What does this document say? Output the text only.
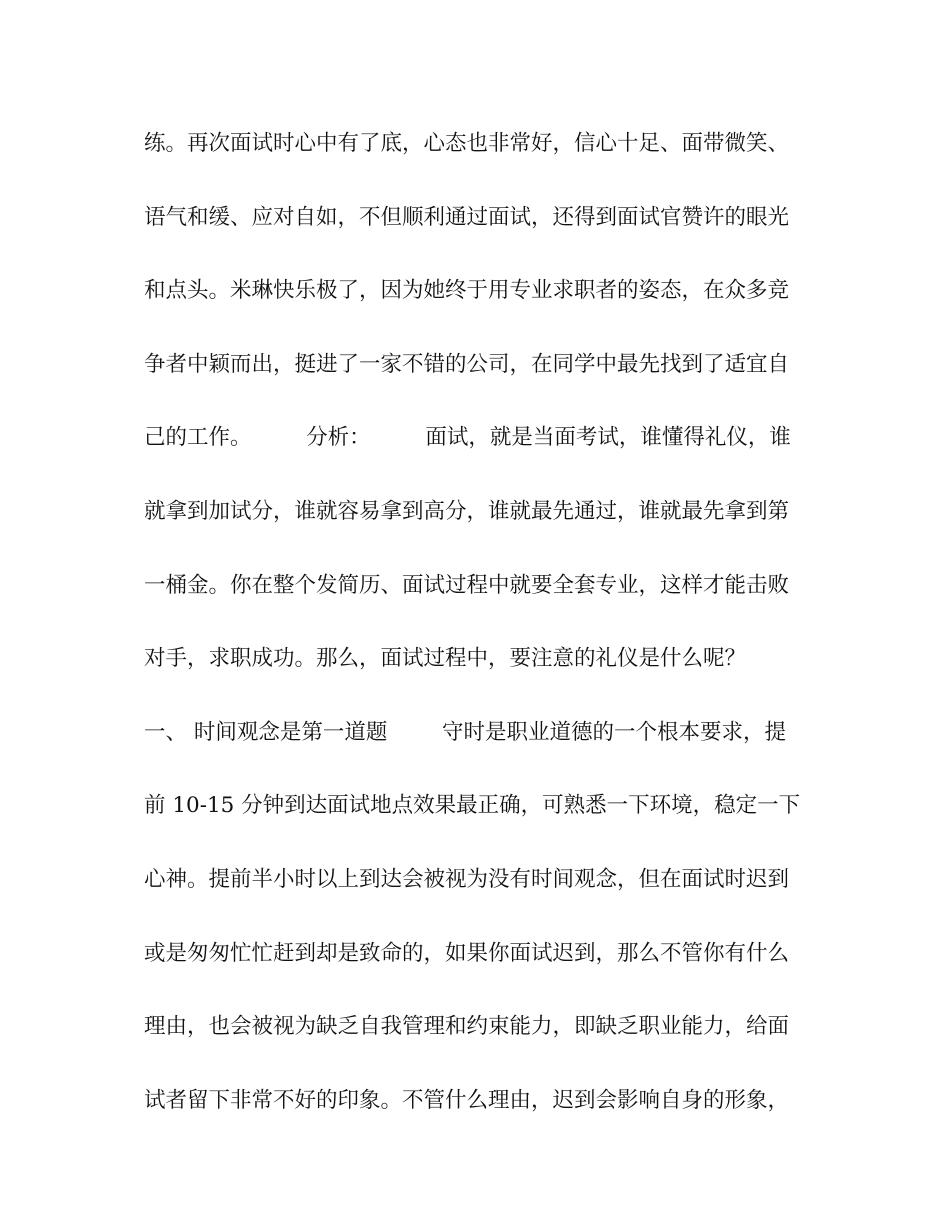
练。再次面试时心中有了底，心态也非常好，信心十足、面带微笑、

语气和缓、应对自如，不但顺利通过面试，还得到面试官赞许的眼光

和点头。米琳快乐极了，因为她终于用专业求职者的姿态，在众多竞

争者中颖而出，挺进了一家不错的公司，在同学中最先找到了适宜自

己的工作。        分析：        面试，就是当面考试，谁懂得礼仪，谁

就拿到加试分，谁就容易拿到高分，谁就最先通过，谁就最先拿到第

一桶金。你在整个发简历、面试过程中就要全套专业，这样才能击败

对手，求职成功。那么，面试过程中，要注意的礼仪是什么呢？

一、 时间观念是第一道题        守时是职业道德的一个根本要求，提

前 10-15 分钟到达面试地点效果最正确，可熟悉一下环境，稳定一下

心神。提前半小时以上到达会被视为没有时间观念，但在面试时迟到

或是匆匆忙忙赶到却是致命的，如果你面试迟到，那么不管你有什么

理由，也会被视为缺乏自我管理和约束能力，即缺乏职业能力，给面

试者留下非常不好的印象。不管什么理由，迟到会影响自身的形象，
